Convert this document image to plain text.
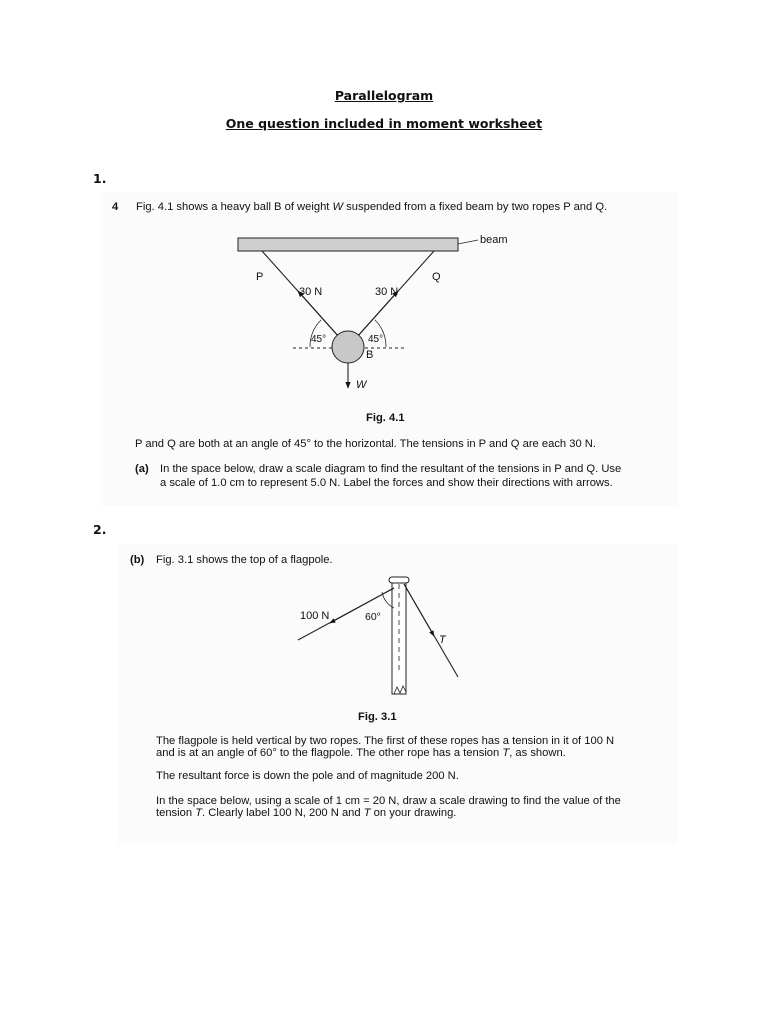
Parallelogram
One question included in moment worksheet
1.
4 Fig. 4.1 shows a heavy ball B of weight W suspended from a fixed beam by two ropes P and Q.
beam
P	Q
30 N	30 N
45°	45°
B
W
Fig. 4.1
P and Q are both at an angle of 45° to the horizontal. The tensions in P and Q are each 30 N.
(a) In the space below, draw a scale diagram to find the resultant of the tensions in P and Q. Use
a scale of 1.0 cm to represent 5.0 N. Label the forces and show their directions with arrows.
2.
(b) Fig. 3.1 shows the top of a flagpole.
100 N	60°
T
Fig. 3.1
The flagpole is held vertical by two ropes. The first of these ropes has a tension in it of 100 N
and is at an angle of 60° to the flagpole. The other rope has a tension T, as shown.
The resultant force is down the pole and of magnitude 200 N.
In the space below, using a scale of 1 cm = 20 N, draw a scale drawing to find the value of the
tension T. Clearly label 100 N, 200 N and T on your drawing.
